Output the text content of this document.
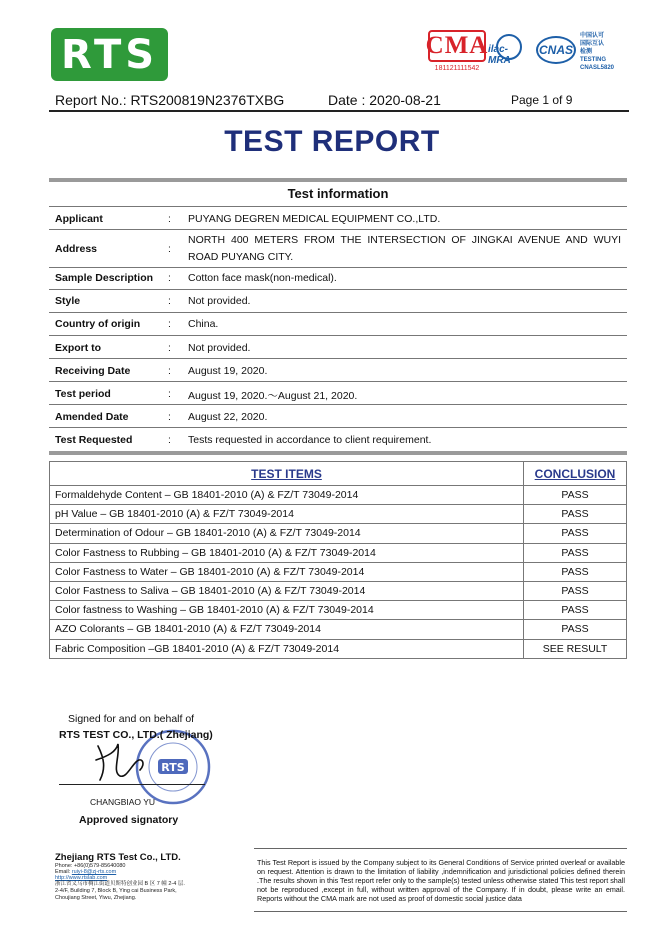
RTS	CMA
181121111542
ilac-MRA
CNAS
中国认可
国际互认
检测
TESTING
CNASL5820
Report No.: RTS200819N2376TXBG	Date : 2020-08-21	Page 1 of 9
TEST REPORT
Test information
Applicant	: PUYANG DEGREN MEDICAL EQUIPMENT CO.,LTD.
Address	:
NORTH 400 METERS FROM THE INTERSECTION OF JINGKAI AVENUE AND WUYI ROAD PUYANG CITY.
Sample Description : Cotton face mask(non-medical).
Style	: Not provided.
Country of origin	: China.
Export to	: Not provided.
Receiving Date	: August 19, 2020.
Test period	: August 19, 2020.～August 21, 2020.
Amended Date	: August 22, 2020.
Test Requested	: Tests requested in accordance to client requirement.
TEST ITEMS	CONCLUSION
Formaldehyde Content – GB 18401-2010 (A) & FZ/T 73049-2014	PASS
pH Value – GB 18401-2010 (A) & FZ/T 73049-2014	PASS
Determination of Odour – GB 18401-2010 (A) & FZ/T 73049-2014	PASS
Color Fastness to Rubbing – GB 18401-2010 (A) & FZ/T 73049-2014	PASS
Color Fastness to Water – GB 18401-2010 (A) & FZ/T 73049-2014	PASS
Color Fastness to Saliva – GB 18401-2010 (A) & FZ/T 73049-2014	PASS
Color fastness to Washing – GB 18401-2010 (A) & FZ/T 73049-2014	PASS
AZO Colorants – GB 18401-2010 (A) & FZ/T 73049-2014	PASS
Fabric Composition –GB 18401-2010 (A) & FZ/T 73049-2014	SEE RESULT
Signed for and on behalf of
RTS
RTS TEST CO., LTD.( Zhejiang)
CHANGBIAO YU
Approved signatory
Zhejiang RTS Test Co., LTD.
Phone: +86(0)579-85640080
Email: ruiyi-8@zj-rts.com
http://www.rtslab.com
浙江省义乌市稠江街道贝斯特创业园 B 区 7 幢 2-4 层.
2-4/F, Building 7, Block B, Ying cai Business Park,
Choujiang Street, Yiwu, Zhejiang.
This Test Report is issued by the Company subject to its General Conditions of Service printed overleaf or available on request. Attention is drawn to the limitation of liability ,indemnification and jurisdictional policies defined therein .The results shown in this Test report refer only to the sample(s) tested unless otherwise stated This test report shall not be reproduced ,except in full, without written approval of the Company. If in doubt, please write an email. Reports without the CMA mark are not used as proof of domestic social justice data
